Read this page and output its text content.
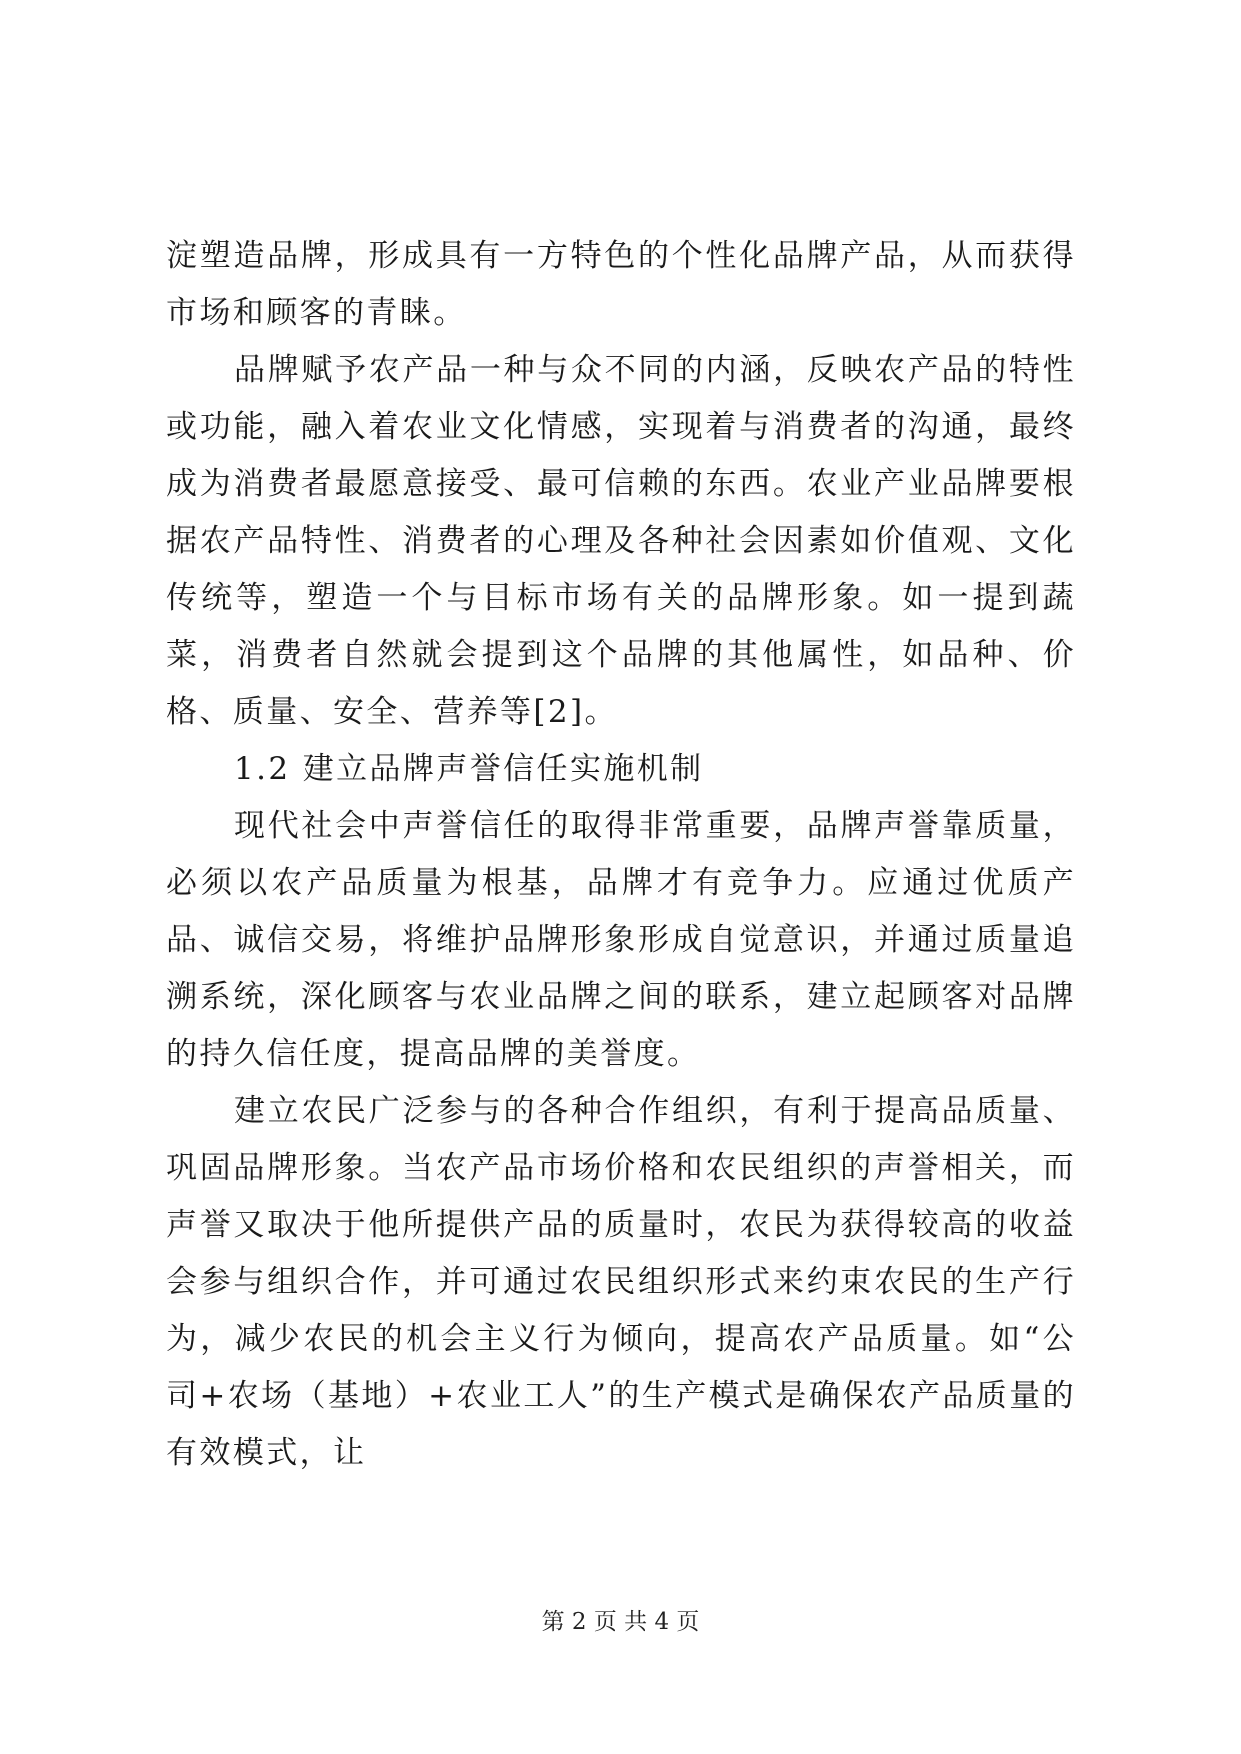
淀塑造品牌，形成具有一方特色的个性化品牌产品，从而获得市场和顾客的青睐。

品牌赋予农产品一种与众不同的内涵，反映农产品的特性或功能，融入着农业文化情感，实现着与消费者的沟通，最终成为消费者最愿意接受、最可信赖的东西。农业产业品牌要根据农产品特性、消费者的心理及各种社会因素如价值观、文化传统等，塑造一个与目标市场有关的品牌形象。如一提到蔬菜，消费者自然就会提到这个品牌的其他属性，如品种、价格、质量、安全、营养等[2]。

1.2 建立品牌声誉信任实施机制

现代社会中声誉信任的取得非常重要，品牌声誉靠质量，必须以农产品质量为根基，品牌才有竞争力。应通过优质产品、诚信交易，将维护品牌形象形成自觉意识，并通过质量追溯系统，深化顾客与农业品牌之间的联系，建立起顾客对品牌的持久信任度，提高品牌的美誉度。

建立农民广泛参与的各种合作组织，有利于提高品质量、巩固品牌形象。当农产品市场价格和农民组织的声誉相关，而声誉又取决于他所提供产品的质量时，农民为获得较高的收益会参与组织合作，并可通过农民组织形式来约束农民的生产行为，减少农民的机会主义行为倾向，提高农产品质量。如“公司+农场（基地）+农业工人”的生产模式是确保农产品质量的有效模式，让

第 2 页 共 4 页
